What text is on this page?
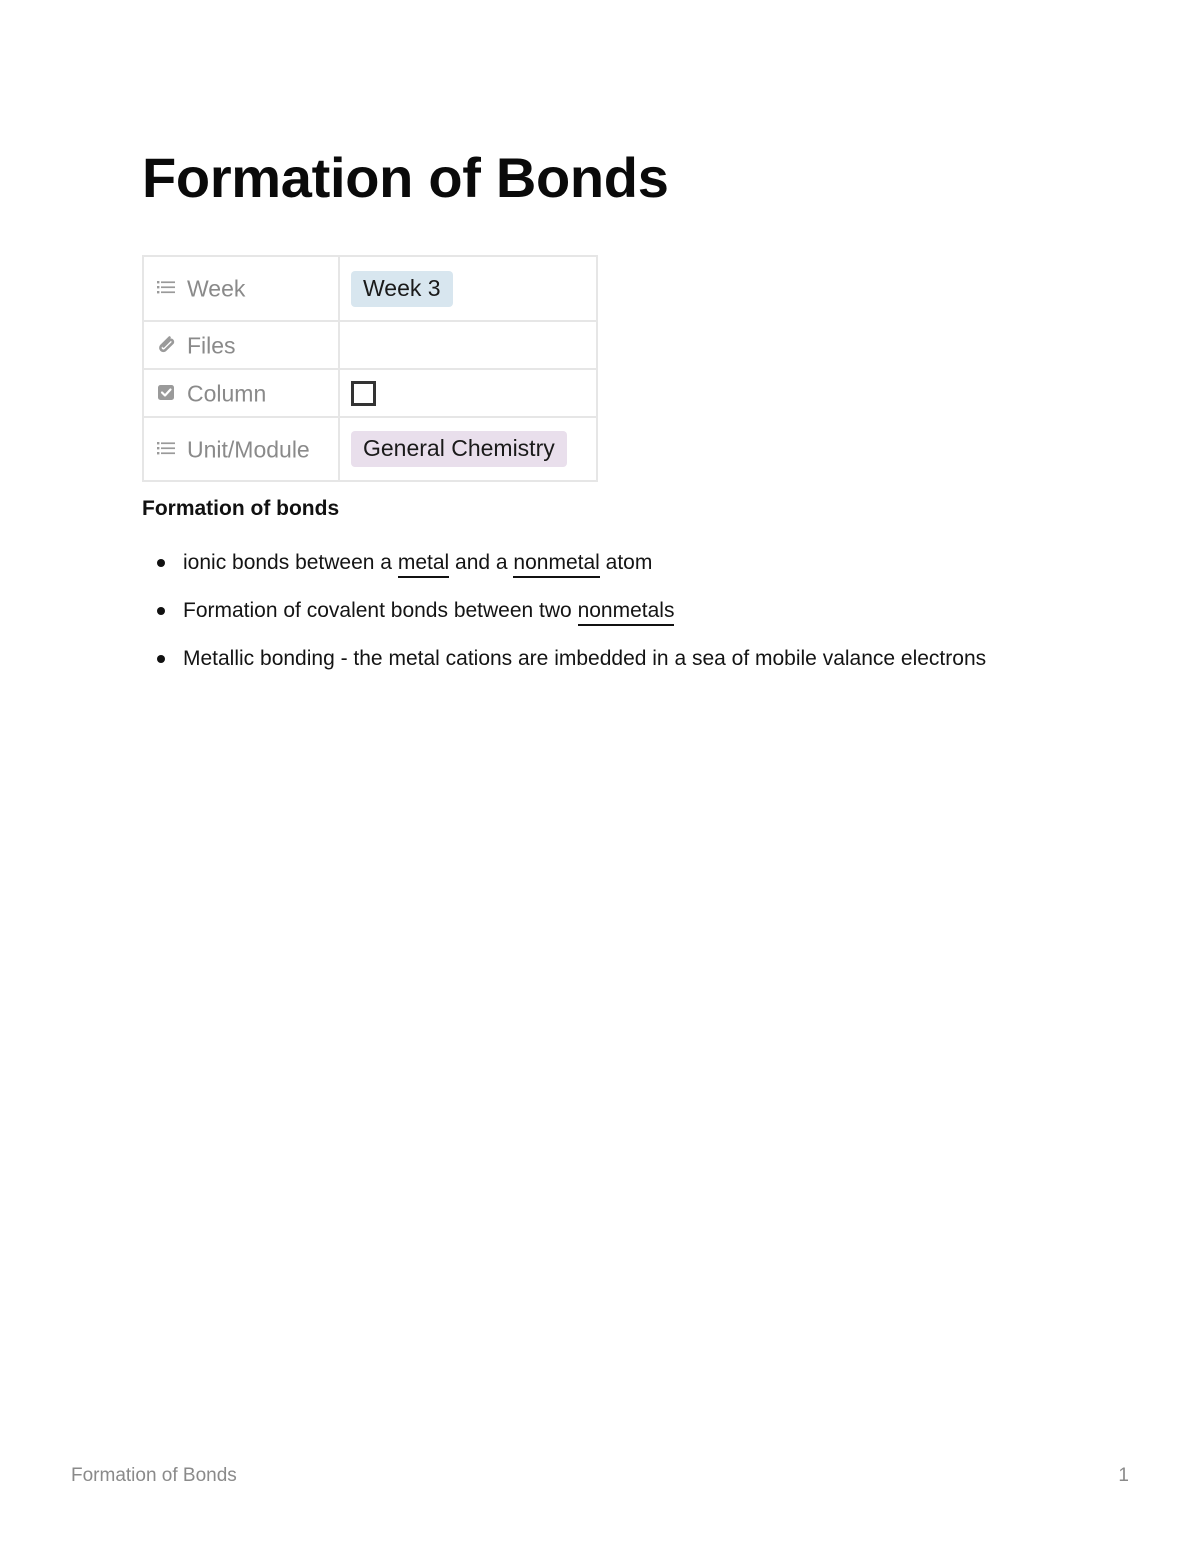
Formation of Bonds
Week	Week 3
Files	
Column	
Unit/Module	General Chemistry
Formation of bonds
ionic bonds between a metal and a nonmetal atom
Formation of covalent bonds between two nonmetals
Metallic bonding - the metal cations are imbedded in a sea of mobile valance electrons
Formation of Bonds	1
